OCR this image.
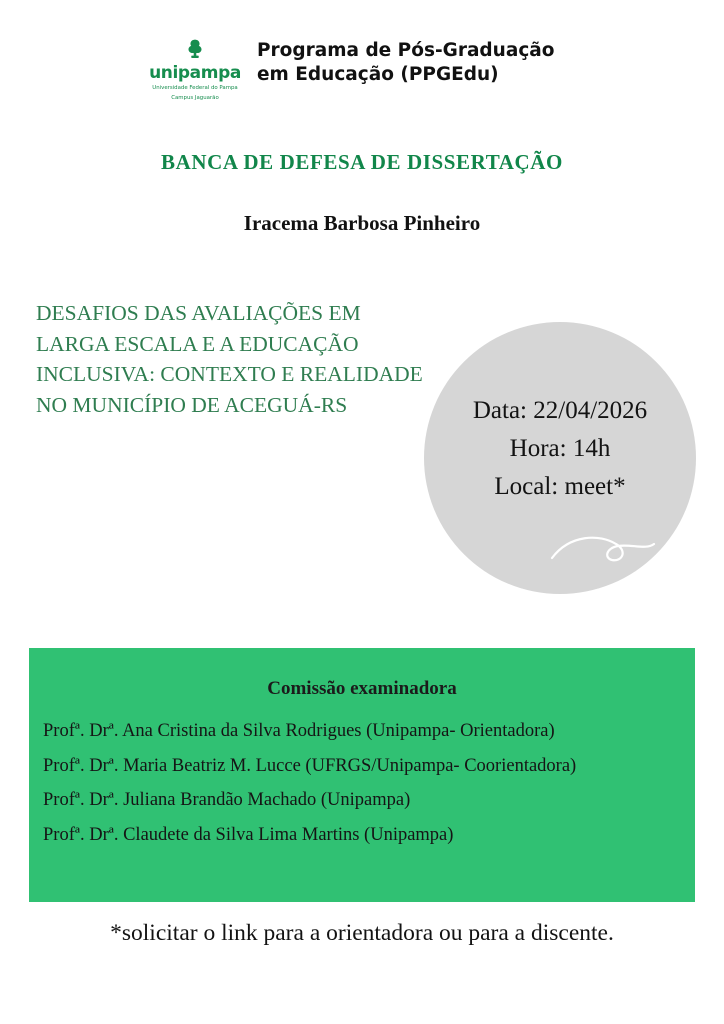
unipampa
Universidade Federal do Pampa
Campus Jaguarão
Programa de Pós-Graduação em Educação (PPGEdu)
BANCA DE DEFESA DE DISSERTAÇÃO
Iracema Barbosa Pinheiro
DESAFIOS DAS AVALIAÇÕES EM LARGA ESCALA E A EDUCAÇÃO INCLUSIVA: CONTEXTO E REALIDADE NO MUNICÍPIO DE ACEGUÁ-RS	Data: 22/04/2026
Hora: 14h
Local: meet*
Comissão examinadora
Profª. Drª. Ana Cristina da Silva Rodrigues (Unipampa- Orientadora)
Profª. Drª. Maria Beatriz M. Lucce (UFRGS/Unipampa- Coorientadora)
Profª. Drª. Juliana Brandão Machado (Unipampa)
Profª. Drª. Claudete da Silva Lima Martins (Unipampa)
*solicitar o link para a orientadora ou para a discente.
